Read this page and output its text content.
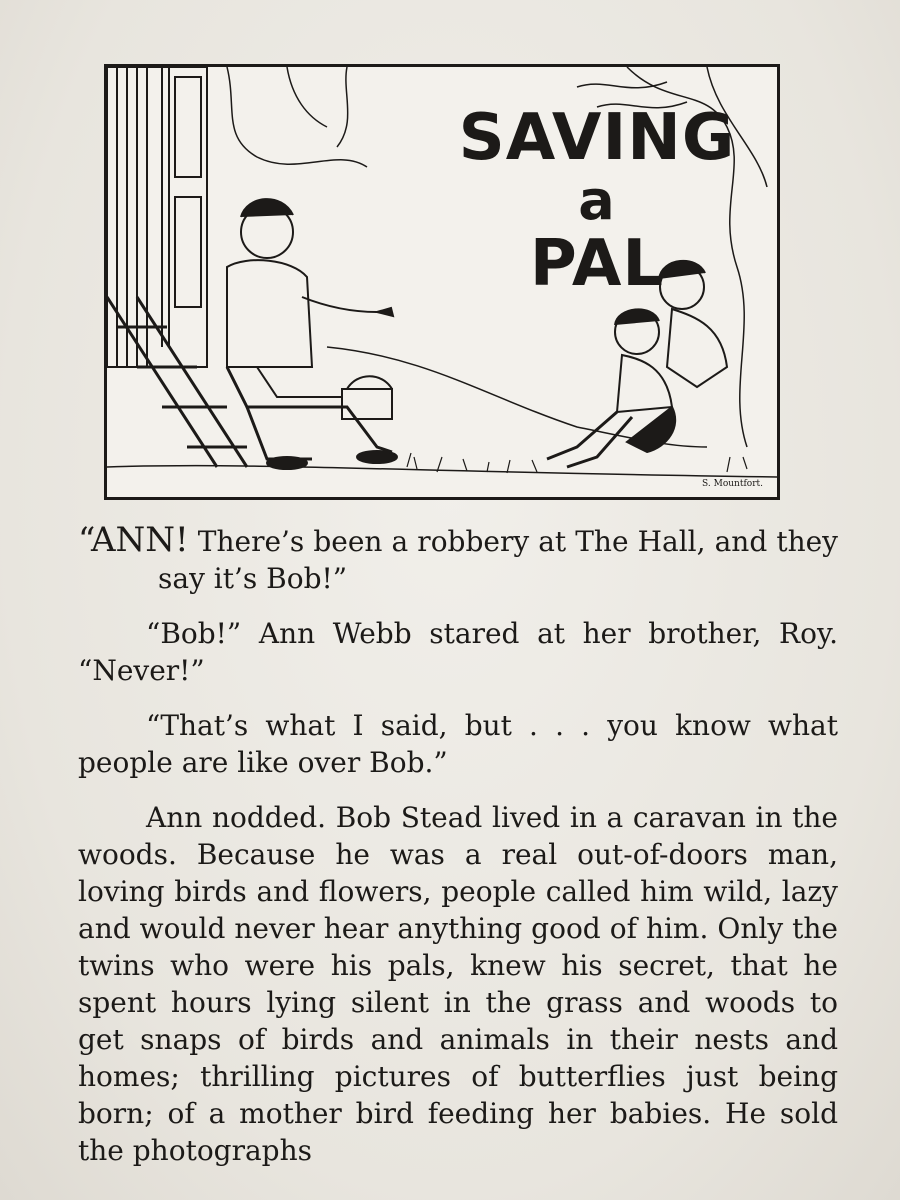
SAVING
a
PAL
S. Mountfort.

“ANN! There’s been a robbery at The Hall, and they say it’s Bob!”

“Bob!” Ann Webb stared at her brother, Roy. “Never!”

“That’s what I said, but . . . you know what people are like over Bob.”

Ann nodded. Bob Stead lived in a caravan in the woods. Because he was a real out-of-doors man, loving birds and flowers, people called him wild, lazy and would never hear anything good of him. Only the twins who were his pals, knew his secret, that he spent hours lying silent in the grass and woods to get snaps of birds and animals in their nests and homes; thrilling pictures of butterflies just being born; of a mother bird feeding her babies. He sold the photographs
